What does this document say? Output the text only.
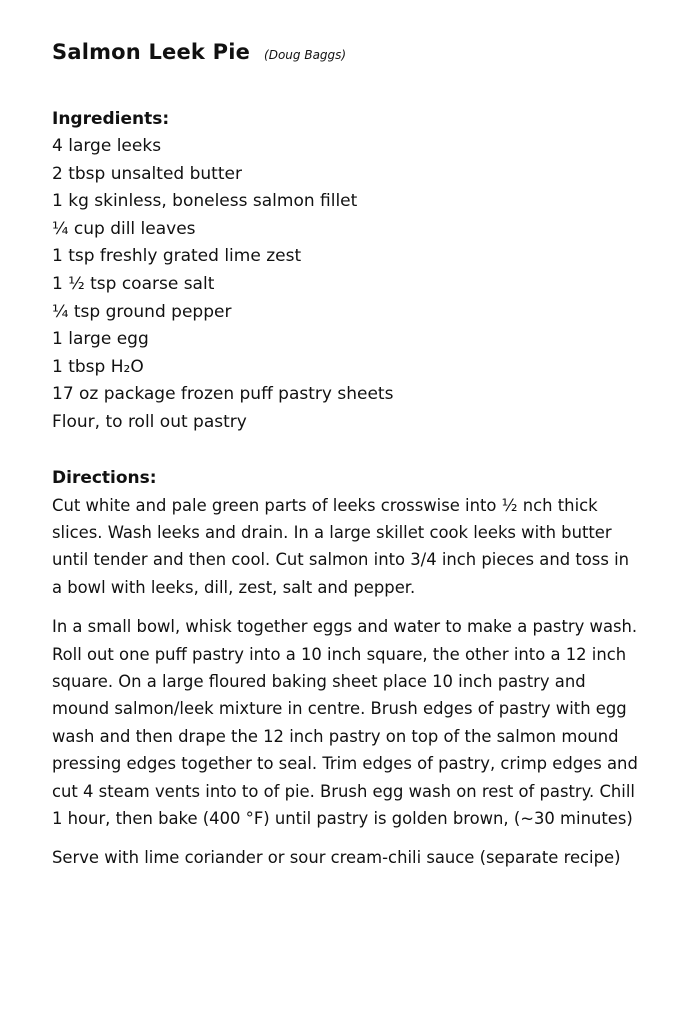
Salmon Leek Pie (Doug Baggs)
Ingredients:
4 large leeks
2 tbsp unsalted butter
1 kg skinless, boneless salmon fillet
¼ cup dill leaves
1 tsp freshly grated lime zest
1 ½ tsp coarse salt
¼ tsp ground pepper
1 large egg
1 tbsp H₂O
17 oz package frozen puff pastry sheets
Flour, to roll out pastry
Directions:

Cut white and pale green parts of leeks crosswise into ½ nch thick slices. Wash leeks and drain. In a large skillet cook leeks with butter until tender and then cool. Cut salmon into 3/4 inch pieces and toss in a bowl with leeks, dill, zest, salt and pepper.

In a small bowl, whisk together eggs and water to make a pastry wash. Roll out one puff pastry into a 10 inch square, the other into a 12 inch square. On a large floured baking sheet place 10 inch pastry and mound salmon/leek mixture in centre. Brush edges of pastry with egg wash and then drape the 12 inch pastry on top of the salmon mound pressing edges together to seal. Trim edges of pastry, crimp edges and cut 4 steam vents into to of pie. Brush egg wash on rest of pastry. Chill 1 hour, then bake (400 °F) until pastry is golden brown, (~30 minutes)

Serve with lime coriander or sour cream-chili sauce (separate recipe)
